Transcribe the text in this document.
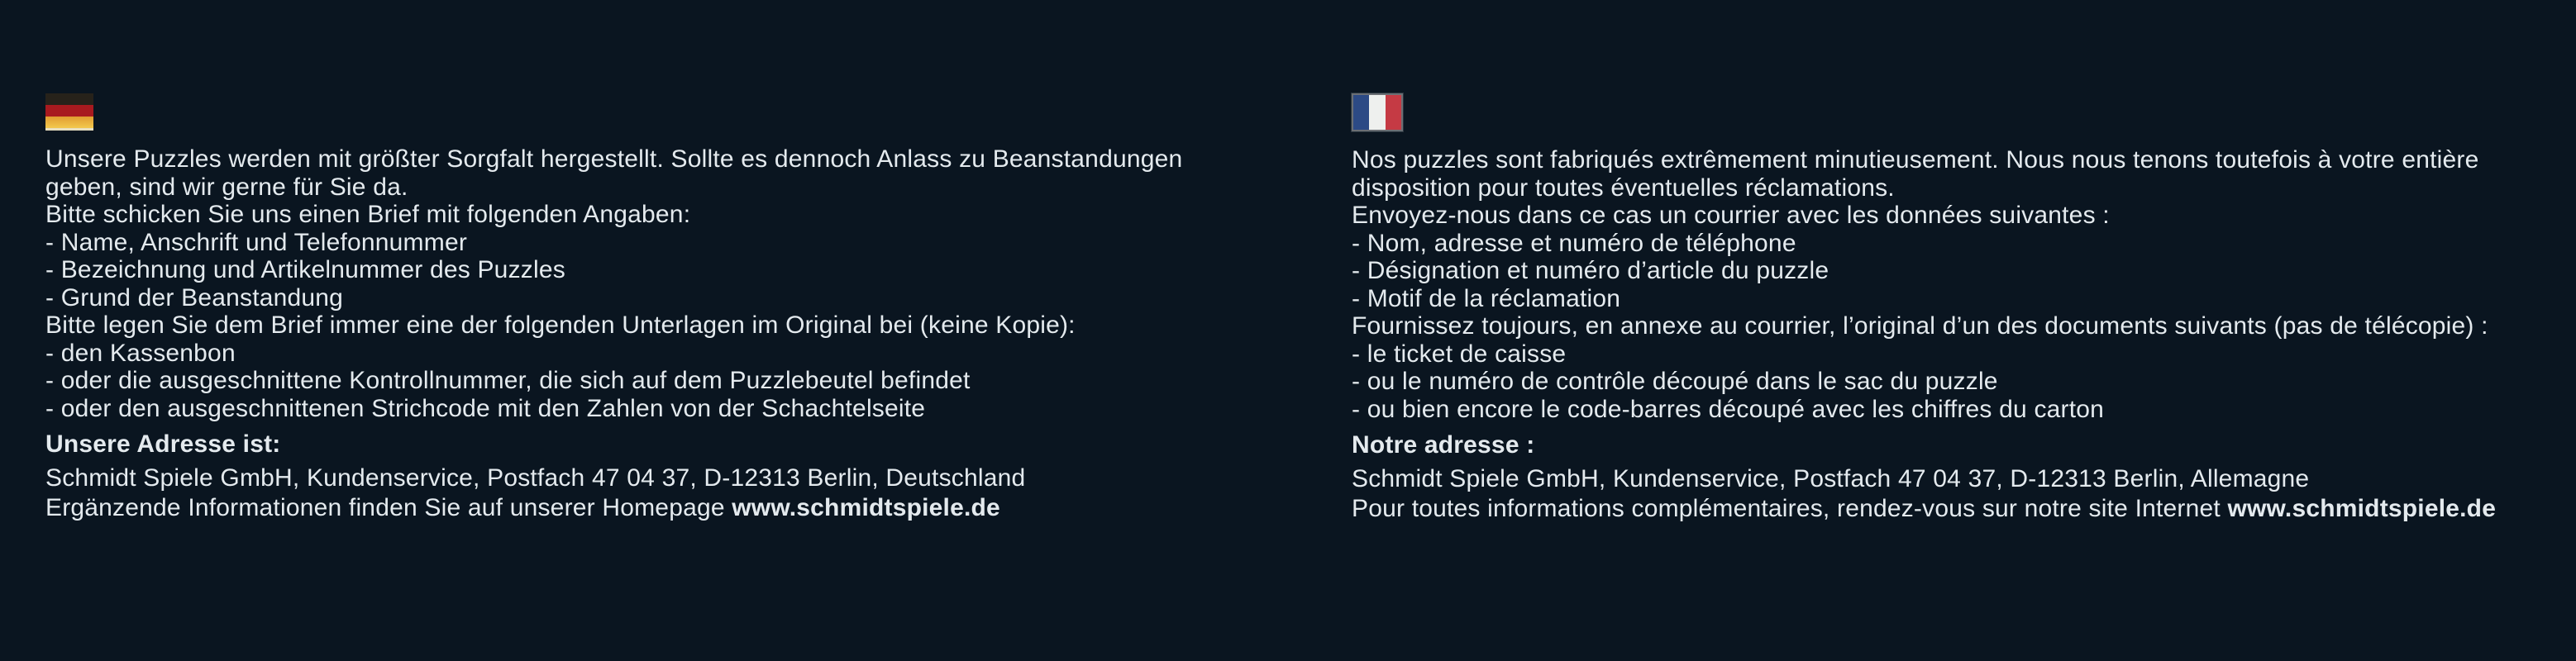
Unsere Puzzles werden mit größter Sorgfalt hergestellt. Sollte es dennoch Anlass zu Beanstandungen
geben, sind wir gerne für Sie da.
Bitte schicken Sie uns einen Brief mit folgenden Angaben:
- Name, Anschrift und Telefonnummer
- Bezeichnung und Artikelnummer des Puzzles
- Grund der Beanstandung
Bitte legen Sie dem Brief immer eine der folgenden Unterlagen im Original bei (keine Kopie):
- den Kassenbon
- oder die ausgeschnittene Kontrollnummer, die sich auf dem Puzzlebeutel befindet
- oder den ausgeschnittenen Strichcode mit den Zahlen von der Schachtelseite
Unsere Adresse ist:
Schmidt Spiele GmbH, Kundenservice, Postfach 47 04 37, D-12313 Berlin, Deutschland
Ergänzende Informationen finden Sie auf unserer Homepage www.schmidtspiele.de
Nos puzzles sont fabriqués extrêmement minutieusement. Nous nous tenons toutefois à votre entière
disposition pour toutes éventuelles réclamations.
Envoyez-nous dans ce cas un courrier avec les données suivantes :
- Nom, adresse et numéro de téléphone
- Désignation et numéro d’article du puzzle
- Motif de la réclamation
Fournissez toujours, en annexe au courrier, l’original d’un des documents suivants (pas de télécopie) :
- le ticket de caisse
- ou le numéro de contrôle découpé dans le sac du puzzle
- ou bien encore le code-barres découpé avec les chiffres du carton
Notre adresse :
Schmidt Spiele GmbH, Kundenservice, Postfach 47 04 37, D-12313 Berlin, Allemagne
Pour toutes informations complémentaires, rendez-vous sur notre site Internet www.schmidtspiele.de
